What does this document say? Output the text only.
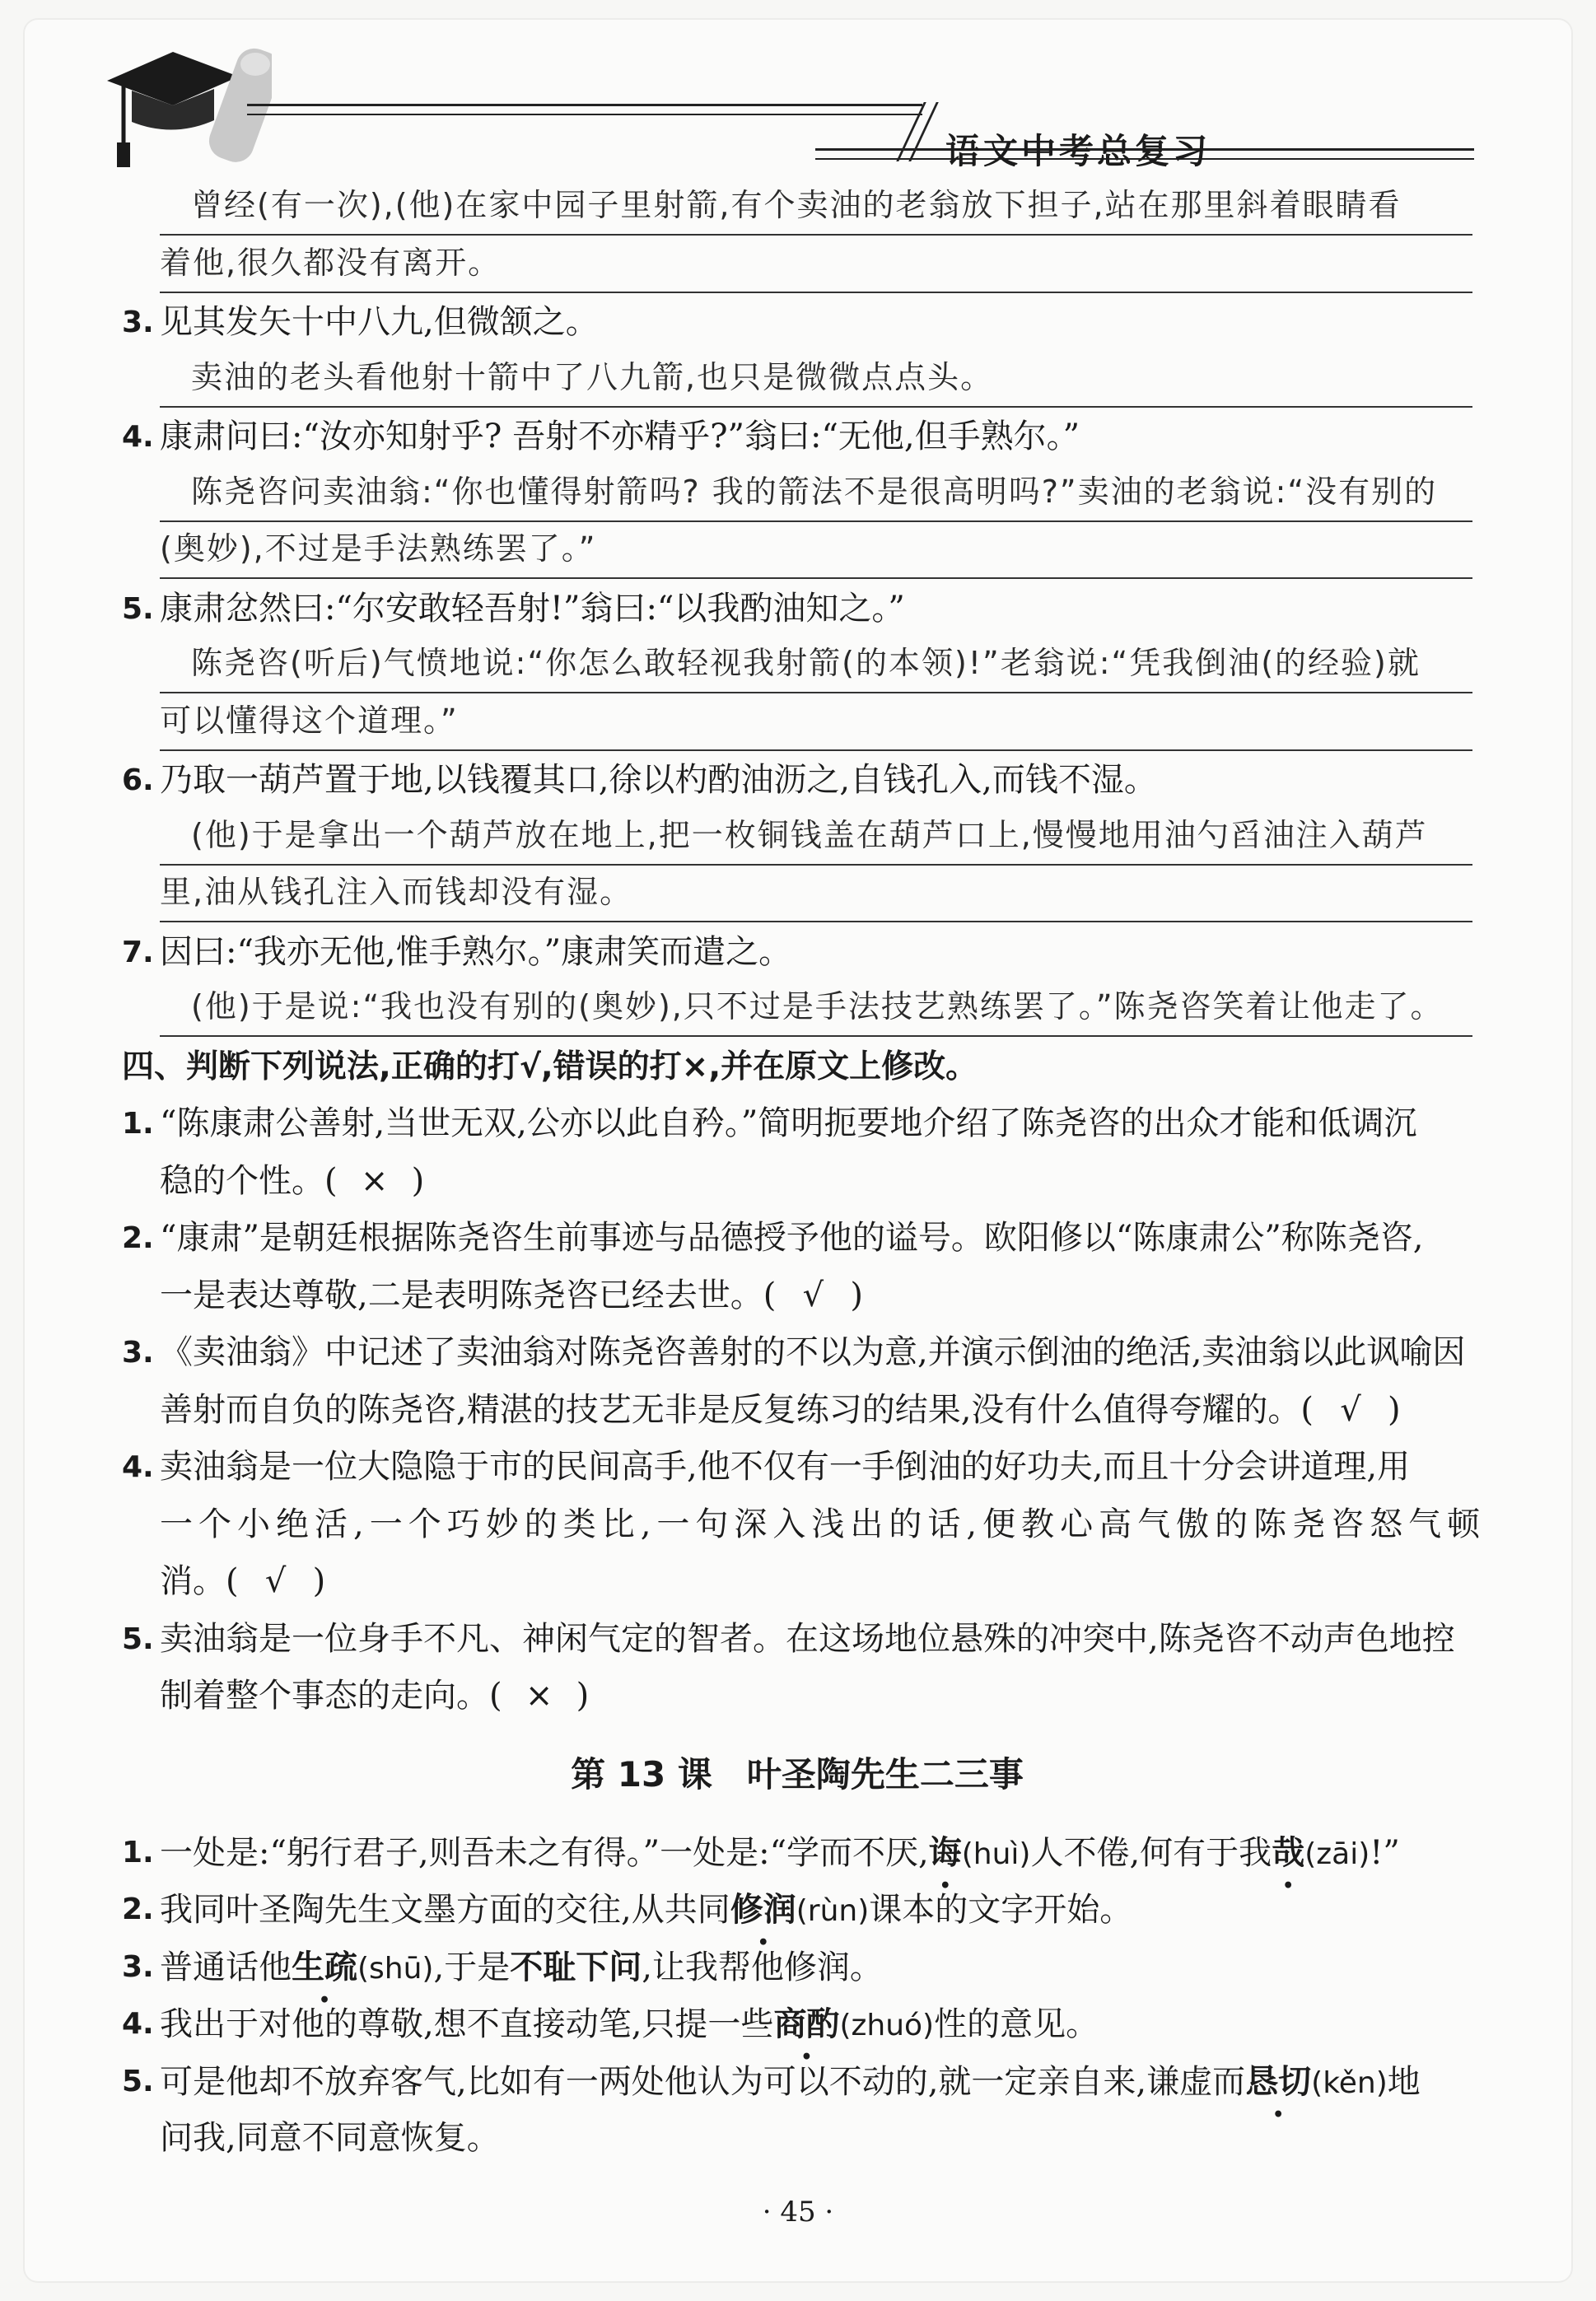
语文中考总复习
曾经(有一次),(他)在家中园子里射箭,有个卖油的老翁放下担子,站在那里斜着眼睛看
着他,很久都没有离开。
3. 见其发矢十中八九,但微颔之。
卖油的老头看他射十箭中了八九箭,也只是微微点点头。
4. 康肃问曰:“汝亦知射乎? 吾射不亦精乎?”翁曰:“无他,但手熟尔。”
陈尧咨问卖油翁:“你也懂得射箭吗? 我的箭法不是很高明吗?”卖油的老翁说:“没有别的
(奥妙),不过是手法熟练罢了。”
5. 康肃忿然曰:“尔安敢轻吾射!”翁曰:“以我酌油知之。”
陈尧咨(听后)气愤地说:“你怎么敢轻视我射箭(的本领)!”老翁说:“凭我倒油(的经验)就
可以懂得这个道理。”
6. 乃取一葫芦置于地,以钱覆其口,徐以杓酌油沥之,自钱孔入,而钱不湿。
(他)于是拿出一个葫芦放在地上,把一枚铜钱盖在葫芦口上,慢慢地用油勺舀油注入葫芦
里,油从钱孔注入而钱却没有湿。
7. 因曰:“我亦无他,惟手熟尔。”康肃笑而遣之。
(他)于是说:“我也没有别的(奥妙),只不过是手法技艺熟练罢了。”陈尧咨笑着让他走了。
四、判断下列说法,正确的打√,错误的打×,并在原文上修改。
1. “陈康肃公善射,当世无双,公亦以此自矜。”简明扼要地介绍了陈尧咨的出众才能和低调沉
稳的个性。( × )
2. “康肃”是朝廷根据陈尧咨生前事迹与品德授予他的谥号。欧阳修以“陈康肃公”称陈尧咨,
一是表达尊敬,二是表明陈尧咨已经去世。( √ )
3. 《卖油翁》中记述了卖油翁对陈尧咨善射的不以为意,并演示倒油的绝活,卖油翁以此讽喻因
善射而自负的陈尧咨,精湛的技艺无非是反复练习的结果,没有什么值得夸耀的。( √ )
4. 卖油翁是一位大隐隐于市的民间高手,他不仅有一手倒油的好功夫,而且十分会讲道理,用
一个小绝活,一个巧妙的类比,一句深入浅出的话,便教心高气傲的陈尧咨怒气顿
消。( √ )
5. 卖油翁是一位身手不凡、神闲气定的智者。在这场地位悬殊的冲突中,陈尧咨不动声色地控
制着整个事态的走向。( × )
第 13 课　叶圣陶先生二三事
1. 一处是:“躬行君子,则吾未之有得。”一处是:“学而不厌,诲(huì)人不倦,何有于我哉(zāi)!”
2. 我同叶圣陶先生文墨方面的交往,从共同修润(rùn)课本的文字开始。
3. 普通话他生疏(shū),于是不耻下问,让我帮他修润。
4. 我出于对他的尊敬,想不直接动笔,只提一些商酌(zhuó)性的意见。
5. 可是他却不放弃客气,比如有一两处他认为可以不动的,就一定亲自来,谦虚而恳切(kěn)地
问我,同意不同意恢复。
· 45 ·
